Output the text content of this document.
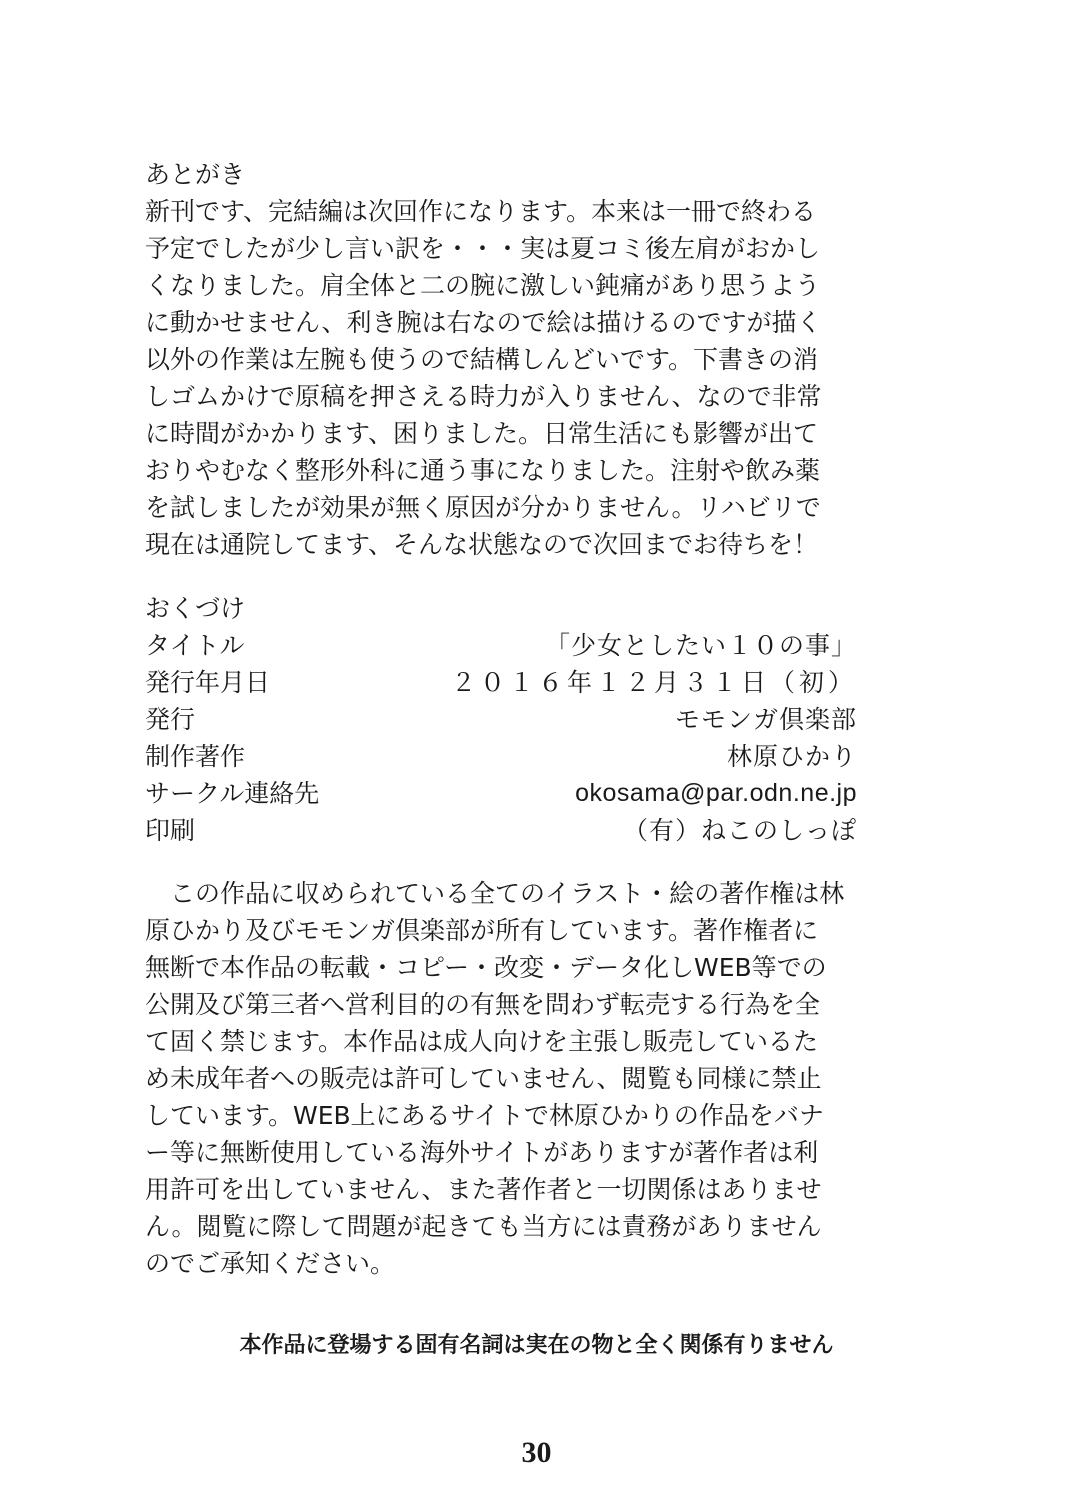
あとがき
新刊です、完結編は次回作になります。本来は一冊で終わる
予定でしたが少し言い訳を・・・実は夏コミ後左肩がおかし
くなりました。肩全体と二の腕に激しい鈍痛があり思うよう
に動かせません、利き腕は右なので絵は描けるのですが描く
以外の作業は左腕も使うので結構しんどいです。下書きの消
しゴムかけで原稿を押さえる時力が入りません、なので非常
に時間がかかります、困りました。日常生活にも影響が出て
おりやむなく整形外科に通う事になりました。注射や飲み薬
を試しましたが効果が無く原因が分かりません。リハビリで
現在は通院してます、そんな状態なので次回までお待ちを！
おくづけ
タイトル	「少女としたい１０の事」
発行年月日	２０１６年１２月３１日（初）
発行	モモンガ倶楽部
制作著作	林原ひかり
サークル連絡先	okosama@par.odn.ne.jp
印刷	（有）ねこのしっぽ
　この作品に収められている全てのイラスト・絵の著作権は林
原ひかり及びモモンガ倶楽部が所有しています。著作権者に
無断で本作品の転載・コピー・改変・データ化しWEB等での
公開及び第三者へ営利目的の有無を問わず転売する行為を全
て固く禁じます。本作品は成人向けを主張し販売しているた
め未成年者への販売は許可していません、閲覧も同様に禁止
しています。WEB上にあるサイトで林原ひかりの作品をバナ
ー等に無断使用している海外サイトがありますが著作者は利
用許可を出していません、また著作者と一切関係はありませ
ん。閲覧に際して問題が起きても当方には責務がありません
のでご承知ください。
本作品に登場する固有名詞は実在の物と全く関係有りません
30
